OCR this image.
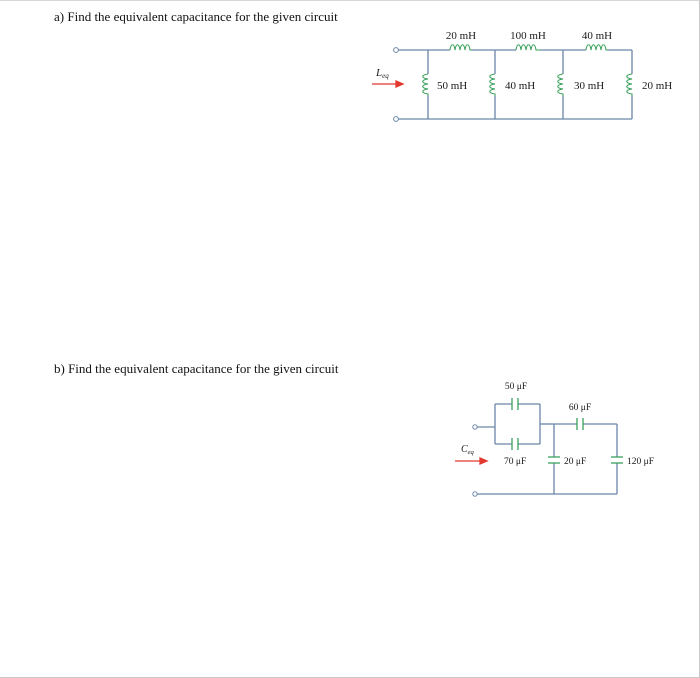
a) Find the equivalent capacitance for the given circuit
b) Find the equivalent capacitance for the given circuit
Leq
20 mH	100 mH	40 mH
50 mH	40 mH	30 mH	20 mH
$C_{eq}$
50 μF
60 μF
70 μF	20 μF	120 μF
